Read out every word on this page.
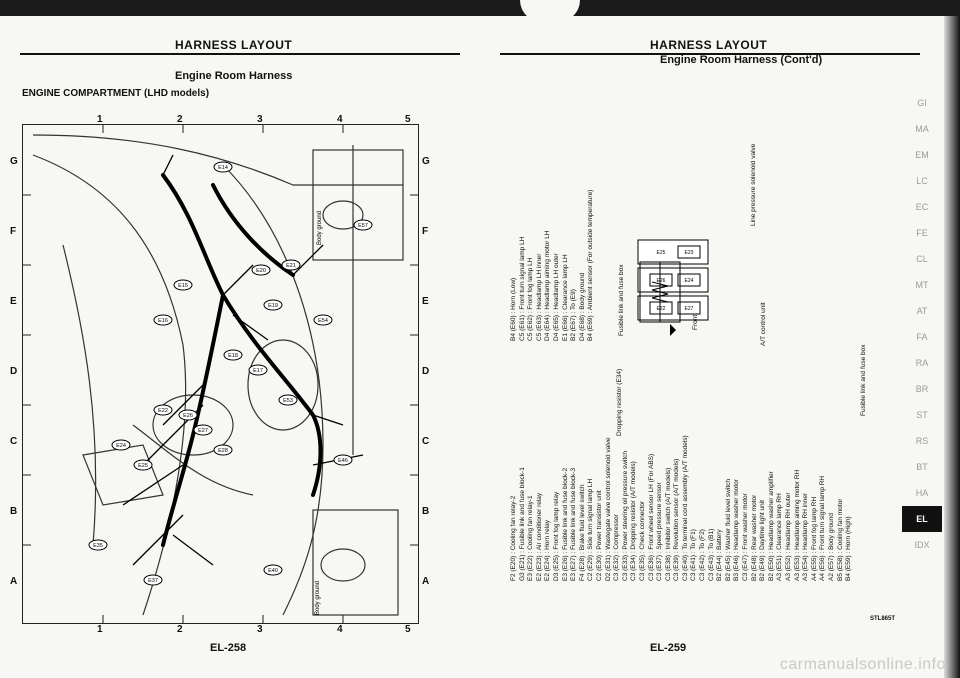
HARNESS LAYOUT
Engine Room Harness
ENGINE COMPARTMENT (LHD models)
E14
E15
E16
E20
E21
E19
E18
E17
E53
E22
E24
E25
E26
E27
E28
E35
E37
E40
E46
E54
E57
Body ground
Body ground
1	2	3	4	5
1	2	3	4	5
G
F
E
D
C
B
A
G
F
E
D
C
B
A
EL-258
HARNESS LAYOUT
Engine Room Harness (Cont'd)
F2 (E20) : Cooling fan relay-2 G3 (E21) : Fusible link and fuse block-1 E3 (E22) : Cooling fan relay-1 E2 (E23) : Air conditioner relay E2 (E24) : Horn relay D3 (E25) : Front fog lamp relay E3 (E26) : Fusible link and fuse block-2 E3 (E27) : Fusible link and fuse block-3 F4 (E28) : Brake fluid level switch C2 (E29) : Side turn signal lamp LH C2 (E30) : Power transistor unit D2 (E31) : Wastegate valve control solenoid valve C3 (E32) : Compressor C3 (E33) : Power steering oil pressure switch C3 (E34) : Dropping resistor (A/T models) C3 (E35) : Check connector C3 (E36) : Front wheel sensor LH (For ABS) C3 (E37) : Speed pressure sensor C3 (E38) : Inhibitor switch (A/T models) C3 (E39) : Revolution sensor (A/T models) C3 (E40) : To terminal cord assembly (A/T models) C3 (E41) : To (F1) C3 (E42) : To (F2) C3 (E43) : To (B1) B2 (E44) : Battery B2 (E45) : Washer fluid level switch B3 (E46) : Headlamp washer motor C3 (E47) : Front washer motor B2 (E48) : Rear washer motor B2 (E49) : Daytime light unit B2 (E50) : Headlamp washer amplifier A3 (E51) : Clearance lamp RH A3 (E52) : Headlamp RH outer A3 (E53) : Headlamp aiming motor RH A3 (E54) : Headlamp RH inner A4 (E55) : Front fog lamp RH A4 (E56) : Front turn signal lamp RH A2 (E57) : Body ground B5 (E58) : Cooling fan motor B4 (E59) : Horn (High)
Fusible link and fuse box
B4 (E60) : Horn (Low) C5 (E61) : Front turn signal lamp LH C5 (E62) : Front fog lamp LH C5 (E63) : Headlamp LH inner D4 (E64) : Headlamp aiming motor LH D4 (E65) : Headlamp LH outer E1 (E66) : Clearance lamp LH B2 (E67) : To (E9) D4 (E68) : Body ground B4 (E69) : Ambient sensor (For outside temperature)	Fusible link and fuse box
E23
E24
E26
E27
E22
E25
Front
Dropping resistor (E34)
Line pressure solenoid valve
A/T control unit
EL-259
STL865T
GI
MA
EM
LC
EC
FE
CL
MT
AT
FA
RA
BR
ST
RS
BT
HA
EL
IDX
carmanualsonline.info
